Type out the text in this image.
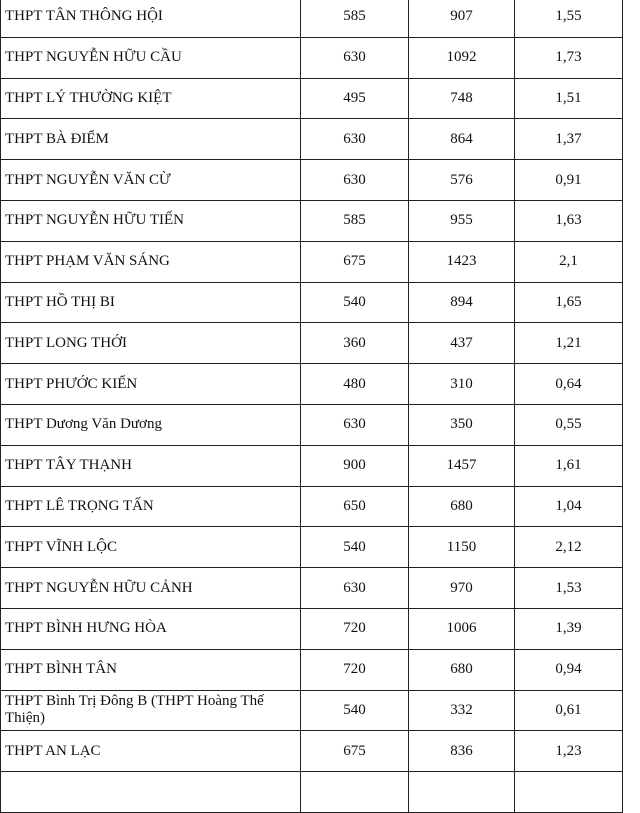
THPT TÂN THÔNG HỘI	585	907	1,55
THPT NGUYỄN HỮU CẦU	630	1092	1,73
THPT LÝ THƯỜNG KIỆT	495	748	1,51
THPT BÀ ĐIỂM	630	864	1,37
THPT NGUYỄN VĂN CỪ	630	576	0,91
THPT NGUYỄN HỮU TIẾN	585	955	1,63
THPT PHẠM VĂN SÁNG	675	1423	2,1
THPT HỒ THỊ BI	540	894	1,65
THPT LONG THỚI	360	437	1,21
THPT PHƯỚC KIỂN	480	310	0,64
THPT Dương Văn Dương	630	350	0,55
THPT TÂY THẠNH	900	1457	1,61
THPT LÊ TRỌNG TẤN	650	680	1,04
THPT VĨNH LỘC	540	1150	2,12
THPT NGUYỄN HỮU CẢNH	630	970	1,53
THPT BÌNH HƯNG HÒA	720	1006	1,39
THPT BÌNH TÂN	720	680	0,94
THPT Bình Trị Đông B (THPT Hoàng Thế Thiện)	540	332	0,61
THPT AN LẠC	675	836	1,23
